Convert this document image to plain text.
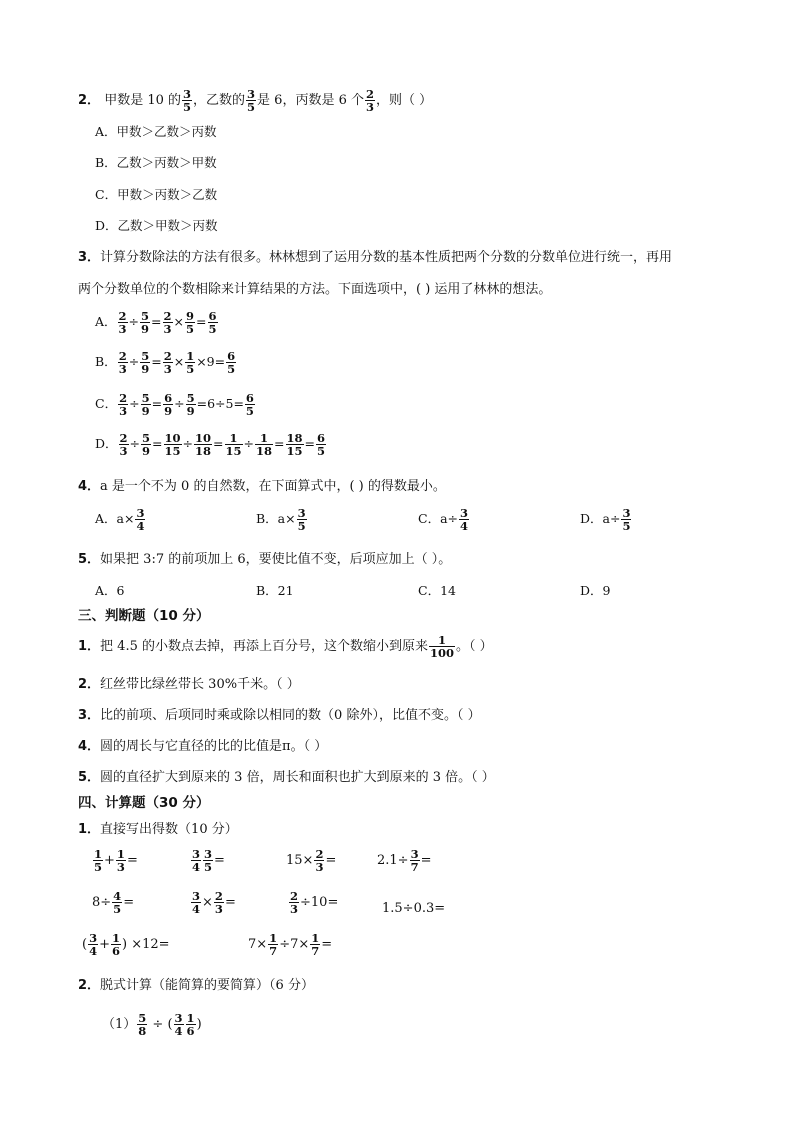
2． 甲数是 10 的 $\frac{3}{5}$ ，乙数的 $\frac{3}{5}$ 是 6，丙数是 6 个 $\frac{2}{3}$ ，则（ ）
A．甲数＞乙数＞丙数
B．乙数＞丙数＞甲数
C．甲数＞丙数＞乙数
D．乙数＞甲数＞丙数
3．计算分数除法的方法有很多。林林想到了运用分数的基本性质把两个分数的分数单位进行统一，再用
两个分数单位的个数相除来计算结果的方法。下面选项中，( ) 运用了林林的想法。
A． $\frac{2}{3} \div \frac{5}{9} = \frac{2}{3} \times \frac{9}{5} = \frac{6}{5}$
B． $\frac{2}{3} \div \frac{5}{9} = \frac{2}{3} \times \frac{1}{5} \times 9= \frac{6}{5}$
C． $\frac{2}{3} \div \frac{5}{9} = \frac{6}{9} \div \frac{5}{9} =6\div 5= \frac{6}{5}$
D． $\frac{2}{3} \div \frac{5}{9} = \frac{10}{15} \div \frac{10}{18} = \frac{1}{15} \div \frac{1}{18} = \frac{18}{15} = \frac{6}{5}$
4．a 是一个不为 0 的自然数，在下面算式中，( ) 的得数最小。
A．$a\times \frac{3}{4}$	B．$a\times \frac{3}{5}$	C．$a\div \frac{3}{4}$	D．$a\div \frac{3}{5}$
5．如果把 3:7 的前项加上 6，要使比值不变，后项应加上（ ）。
A．6	B．21	C．14	D．9
三、判断题（10 分）
1．把 4.5 的小数点去掉，再添上百分号，这个数缩小到原来 $\frac{1}{100}$ 。（ ）
2．红丝带比绿丝带长 30%千米。（ ）
3．比的前项、后项同时乘或除以相同的数（0 除外），比值不变。（ ）
4．圆的周长与它直径的比的比值是π。（ ）
5．圆的直径扩大到原来的 3 倍，周长和面积也扩大到原来的 3 倍。（ ）
四、计算题（30 分）
1．直接写出得数（10 分）
$\frac{1}{5} + \frac{1}{3}$ =	$\frac{3}{4} \frac{3}{5}$ =	$15\times \frac{2}{3}$ =	$2.1\div \frac{3}{7}$ =
$8\div \frac{4}{5}$ =	$\frac{3}{4} \times \frac{2}{3}$ =	$\frac{2}{3} \div 10=$	1.5÷0.3=
( $\frac{3}{4} + \frac{1}{6}$ ) ×12=	$7\times \frac{1}{7} \div 7\times \frac{1}{7}$ =
2．脱式计算（能简算的要简算）（6 分）
$(1) \frac{5}{8}$ ÷ ( $\frac{3}{4} \frac{1}{6}$ )
